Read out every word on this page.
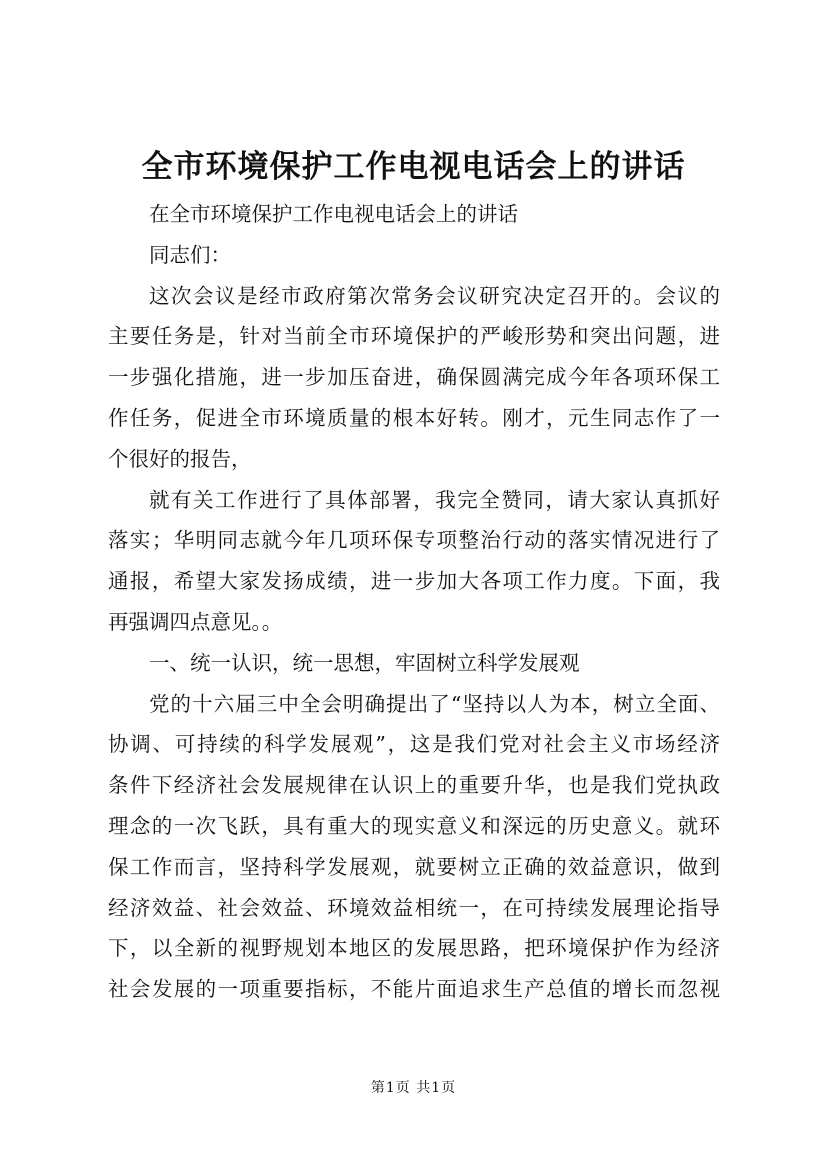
全市环境保护工作电视电话会上的讲话
在全市环境保护工作电视电话会上的讲话
同志们：
这次会议是经市政府第次常务会议研究决定召开的。会议的
主要任务是，针对当前全市环境保护的严峻形势和突出问题，进
一步强化措施，进一步加压奋进，确保圆满完成今年各项环保工
作任务，促进全市环境质量的根本好转。刚才，元生同志作了一
个很好的报告，
就有关工作进行了具体部署，我完全赞同，请大家认真抓好
落实；华明同志就今年几项环保专项整治行动的落实情况进行了
通报，希望大家发扬成绩，进一步加大各项工作力度。下面，我
再强调四点意见。。
一、统一认识，统一思想，牢固树立科学发展观
党的十六届三中全会明确提出了“坚持以人为本，树立全面、
协调、可持续的科学发展观”，这是我们党对社会主义市场经济
条件下经济社会发展规律在认识上的重要升华，也是我们党执政
理念的一次飞跃，具有重大的现实意义和深远的历史意义。就环
保工作而言，坚持科学发展观，就要树立正确的效益意识，做到
经济效益、社会效益、环境效益相统一，在可持续发展理论指导
下，以全新的视野规划本地区的发展思路，把环境保护作为经济
社会发展的一项重要指标，不能片面追求生产总值的增长而忽视
第1页 共1页
